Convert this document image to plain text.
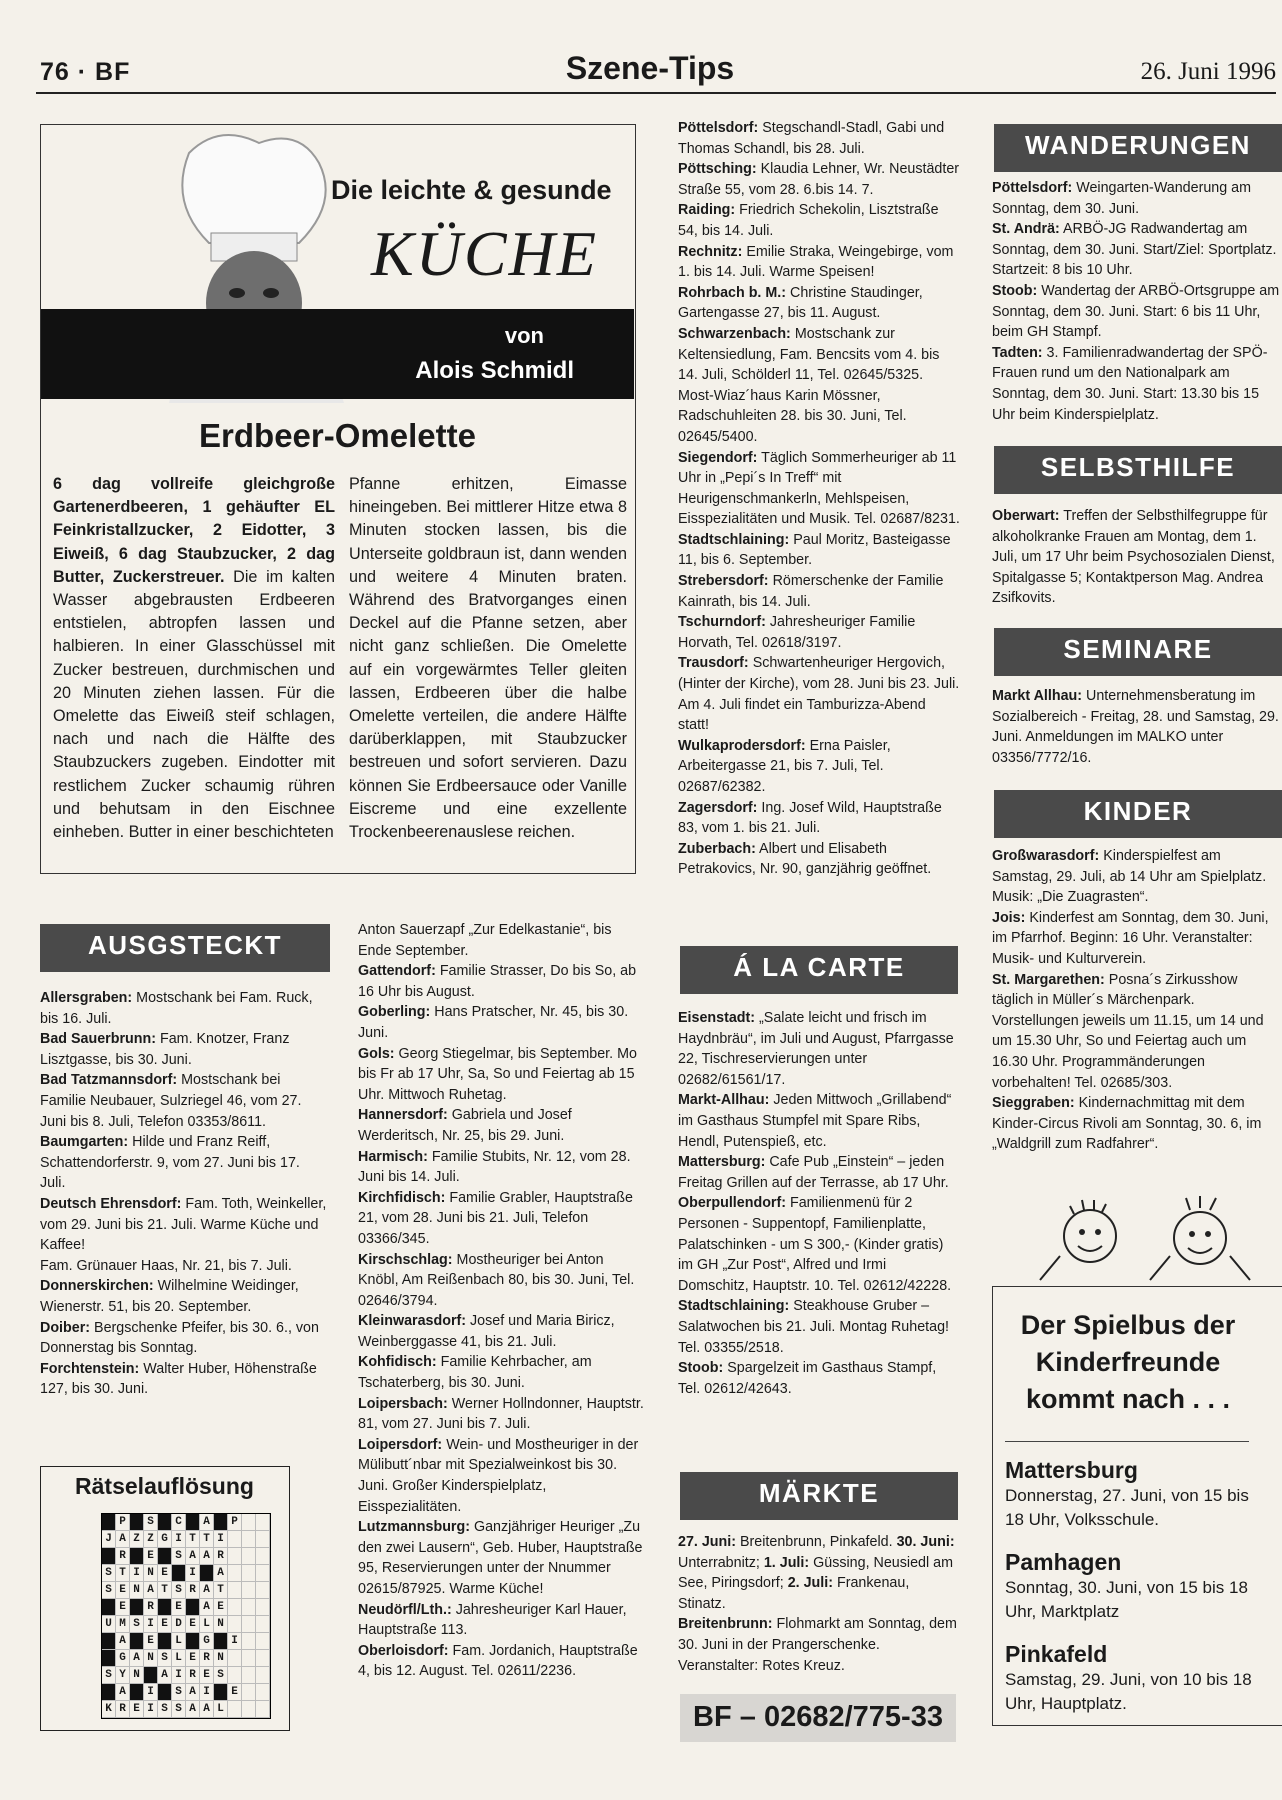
76 · BF	Szene-Tips	26. Juni 1996
Die leichte & gesunde
KÜCHE
von
Alois Schmidl
Erdbeer-Omelette
6 dag vollreife gleichgroße Gartenerdbeeren, 1 gehäufter EL Feinkristallzucker, 2 Eidotter, 3 Eiweiß, 6 dag Staubzucker, 2 dag Butter, Zuckerstreuer. Die im kalten Wasser abgebrausten Erdbeeren entstielen, abtropfen lassen und halbieren. In einer Glasschüssel mit Zucker bestreuen, durchmischen und 20 Minuten ziehen lassen. Für die Omelette das Eiweiß steif schlagen, nach und nach die Hälfte des Staubzuckers zugeben. Eindotter mit restlichem Zucker schaumig rühren und behutsam in den Eischnee einheben. Butter in einer beschichteten
Pfanne erhitzen, Eimasse hineingeben. Bei mittlerer Hitze etwa 8 Minuten stocken lassen, bis die Unterseite goldbraun ist, dann wenden und weitere 4 Minuten braten. Während des Bratvorganges einen Deckel auf die Pfanne setzen, aber nicht ganz schließen. Die Omelette auf ein vorgewärmtes Teller gleiten lassen, Erdbeeren über die halbe Omelette verteilen, die andere Hälfte darüberklappen, mit Staubzucker bestreuen und sofort servieren. Dazu können Sie Erdbeersauce oder Vanille Eiscreme und eine exzellente Trockenbeerenauslese reichen.
AUSGSTECKT

Allersgraben: Mostschank bei Fam. Ruck, bis 16. Juli.

Bad Sauerbrunn: Fam. Knotzer, Franz Lisztgasse, bis 30. Juni.

Bad Tatzmannsdorf: Mostschank bei Familie Neubauer, Sulzriegel 46, vom 27. Juni bis 8. Juli, Telefon 03353/8611.

Baumgarten: Hilde und Franz Reiff, Schattendorferstr. 9, vom 27. Juni bis 17. Juli.

Deutsch Ehrensdorf: Fam. Toth, Weinkeller, vom 29. Juni bis 21. Juli. Warme Küche und Kaffee!

Fam. Grünauer Haas, Nr. 21, bis 7. Juli.

Donnerskirchen: Wilhelmine Weidinger, Wienerstr. 51, bis 20. September.

Doiber: Bergschenke Pfeifer, bis 30. 6., von Donnerstag bis Sonntag.

Forchtenstein: Walter Huber, Höhenstraße 127, bis 30. Juni.

Anton Sauerzapf „Zur Edelkastanie“, bis Ende September.

Gattendorf: Familie Strasser, Do bis So, ab 16 Uhr bis August.

Goberling: Hans Pratscher, Nr. 45, bis 30. Juni.

Gols: Georg Stiegelmar, bis September. Mo bis Fr ab 17 Uhr, Sa, So und Feiertag ab 15 Uhr. Mittwoch Ruhetag.

Hannersdorf: Gabriela und Josef Werderitsch, Nr. 25, bis 29. Juni.

Harmisch: Familie Stubits, Nr. 12, vom 28. Juni bis 14. Juli.

Kirchfidisch: Familie Grabler, Hauptstraße 21, vom 28. Juni bis 21. Juli, Telefon 03366/345.

Kirschschlag: Mostheuriger bei Anton Knöbl, Am Reißenbach 80, bis 30. Juni, Tel. 02646/3794.

Kleinwarasdorf: Josef und Maria Biricz, Weinberggasse 41, bis 21. Juli.

Kohfidisch: Familie Kehrbacher, am Tschaterberg, bis 30. Juni.

Loipersbach: Werner Hollndonner, Hauptstr. 81, vom 27. Juni bis 7. Juli.

Loipersdorf: Wein- und Mostheuriger in der Mülibutt´nbar mit Spezialweinkost bis 30. Juni. Großer Kinderspielplatz, Eisspezialitäten.

Lutzmannsburg: Ganzjähriger Heuriger „Zu den zwei Lausern“, Geb. Huber, Hauptstraße 95, Reservierungen unter der Nnummer 02615/87925. Warme Küche!

Neudörfl/Lth.: Jahresheuriger Karl Hauer, Hauptstraße 113.

Oberloisdorf: Fam. Jordanich, Hauptstraße 4, bis 12. August. Tel. 02611/2236.

Pöttelsdorf: Stegschandl-Stadl, Gabi und Thomas Schandl, bis 28. Juli.

Pöttsching: Klaudia Lehner, Wr. Neustädter Straße 55, vom 28. 6.bis 14. 7.

Raiding: Friedrich Schekolin, Lisztstraße 54, bis 14. Juli.

Rechnitz: Emilie Straka, Weingebirge, vom 1. bis 14. Juli. Warme Speisen!

Rohrbach b. M.: Christine Staudinger, Gartengasse 27, bis 11. August.

Schwarzenbach: Mostschank zur Keltensiedlung, Fam. Bencsits vom 4. bis 14. Juli, Schölderl 11, Tel. 02645/5325.

Most-Wiaz´haus Karin Mössner, Radschuhleiten 28. bis 30. Juni, Tel. 02645/5400.

Siegendorf: Täglich Sommerheuriger ab 11 Uhr in „Pepi´s In Treff“ mit Heurigenschmankerln, Mehlspeisen, Eisspezialitäten und Musik. Tel. 02687/8231.

Stadtschlaining: Paul Moritz, Basteigasse 11, bis 6. September.

Strebersdorf: Römerschenke der Familie Kainrath, bis 14. Juli.

Tschurndorf: Jahresheuriger Familie Horvath, Tel. 02618/3197.

Trausdorf: Schwartenheuriger Hergovich, (Hinter der Kirche), vom 28. Juni bis 23. Juli. Am 4. Juli findet ein Tamburizza-Abend statt!

Wulkaprodersdorf: Erna Paisler, Arbeitergasse 21, bis 7. Juli, Tel. 02687/62382.

Zagersdorf: Ing. Josef Wild, Hauptstraße 83, vom 1. bis 21. Juli.

Zuberbach: Albert und Elisabeth Petrakovics, Nr. 90, ganzjährig geöffnet.

Á LA CARTE

Eisenstadt: „Salate leicht und frisch im Haydnbräu“, im Juli und August, Pfarrgasse 22, Tischreservierungen unter 02682/61561/17.

Markt-Allhau: Jeden Mittwoch „Grillabend“ im Gasthaus Stumpfel mit Spare Ribs, Hendl, Putenspieß, etc.

Mattersburg: Cafe Pub „Einstein“ – jeden Freitag Grillen auf der Terrasse, ab 17 Uhr.

Oberpullendorf: Familienmenü für 2 Personen - Suppentopf, Familienplatte, Palatschinken - um S 300,- (Kinder gratis) im GH „Zur Post“, Alfred und Irmi Domschitz, Hauptstr. 10. Tel. 02612/42228.

Stadtschlaining: Steakhouse Gruber – Salatwochen bis 21. Juli. Montag Ruhetag! Tel. 03355/2518.

Stoob: Spargelzeit im Gasthaus Stampf, Tel. 02612/42643.

MÄRKTE

27. Juni: Breitenbrunn, Pinkafeld. 30. Juni: Unterrabnitz; 1. Juli: Güssing, Neusiedl am See, Piringsdorf; 2. Juli: Frankenau, Stinatz.

Breitenbrunn: Flohmarkt am Sonntag, dem 30. Juni in der Prangerschenke. Veranstalter: Rotes Kreuz.

BF – 02682/775-33
WANDERUNGEN

Pöttelsdorf: Weingarten-Wanderung am Sonntag, dem 30. Juni.

St. Andrä: ARBÖ-JG Radwandertag am Sonntag, dem 30. Juni. Start/Ziel: Sportplatz. Startzeit: 8 bis 10 Uhr.

Stoob: Wandertag der ARBÖ-Ortsgruppe am Sonntag, dem 30. Juni. Start: 6 bis 11 Uhr, beim GH Stampf.

Tadten: 3. Familienradwandertag der SPÖ-Frauen rund um den Nationalpark am Sonntag, dem 30. Juni. Start: 13.30 bis 15 Uhr beim Kinderspielplatz.

SELBSTHILFE

Oberwart: Treffen der Selbsthilfegruppe für alkoholkranke Frauen am Montag, dem 1. Juli, um 17 Uhr beim Psychosozialen Dienst, Spitalgasse 5; Kontaktperson Mag. Andrea Zsifkovits.

SEMINARE

Markt Allhau: Unternehmensberatung im Sozialbereich - Freitag, 28. und Samstag, 29. Juni. Anmeldungen im MALKO unter 03356/7772/16.

KINDER

Großwarasdorf: Kinderspielfest am Samstag, 29. Juli, ab 14 Uhr am Spielplatz. Musik: „Die Zuagrasten“.

Jois: Kinderfest am Sonntag, dem 30. Juni, im Pfarrhof. Beginn: 16 Uhr. Veranstalter: Musik- und Kulturverein.

St. Margarethen: Posna´s Zirkusshow täglich in Müller´s Märchenpark. Vorstellungen jeweils um 11.15, um 14 und um 15.30 Uhr, So und Feiertag auch um 16.30 Uhr. Programmänderungen vorbehalten! Tel. 02685/303.

Sieggraben: Kindernachmittag mit dem Kinder-Circus Rivoli am Sonntag, 30. 6, im „Waldgrill zum Radfahrer“.

Der Spielbus der Kinderfreunde kommt nach . . .
Mattersburg
Donnerstag, 27. Juni, von 15 bis 18 Uhr, Volksschule.
Pamhagen
Sonntag, 30. Juni, von 15 bis 18 Uhr, Marktplatz
Pinkafeld
Samstag, 29. Juni, von 10 bis 18 Uhr, Hauptplatz.
Rätselauflösung
P	S	C	A	P
J A Z Z G I T T I
R	E	S A A R
S T I N E	I	A
S E N A T S R A T
E	R	E	A E
U M S I E D E L N
A	E	L	G	I
G A N S L E R N
S Y N	A I R E S
A	I	S A I	E
K R E I S S A A L
